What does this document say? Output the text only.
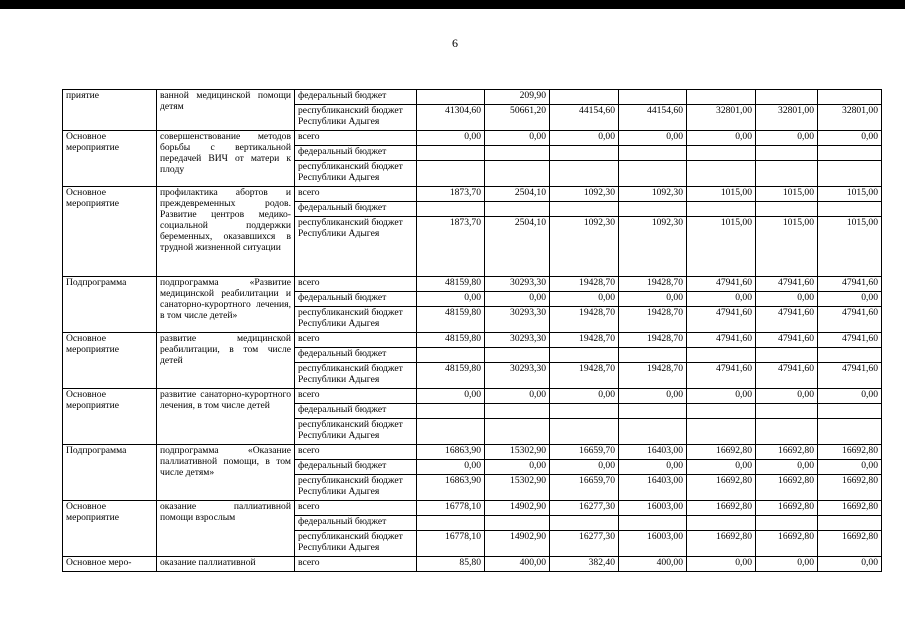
6
приятие	ванной медицинской помощи детям	федеральный бюджет		209,90					
		республиканский бюджет Республики Адыгея	41304,60	50661,20	44154,60	44154,60	32801,00	32801,00	32801,00
Основное мероприятие	совершенствование методов борьбы с вертикальной передачей ВИЧ от матери к плоду	всего	0,00	0,00	0,00	0,00	0,00	0,00	0,00
		федеральный бюджет							
		республиканский бюджет Республики Адыгея							
Основное мероприятие	профилактика абортов и преждевременных родов. Развитие центров медико-социальной поддержки беременных, оказавшихся в трудной жизненной ситуации	всего	1873,70	2504,10	1092,30	1092,30	1015,00	1015,00	1015,00
		федеральный бюджет							
		республиканский бюджет Республики Адыгея	1873,70	2504,10	1092,30	1092,30	1015,00	1015,00	1015,00
Подпрограмма	подпрограмма «Развитие медицинской реабилитации и санаторно-курортного лечения, в том числе детей»	всего	48159,80	30293,30	19428,70	19428,70	47941,60	47941,60	47941,60
		федеральный бюджет	0,00	0,00	0,00	0,00	0,00	0,00	0,00
		республиканский бюджет Республики Адыгея	48159,80	30293,30	19428,70	19428,70	47941,60	47941,60	47941,60
Основное мероприятие	развитие медицинской реабилитации, в том числе детей	всего	48159,80	30293,30	19428,70	19428,70	47941,60	47941,60	47941,60
		федеральный бюджет							
		республиканский бюджет Республики Адыгея	48159,80	30293,30	19428,70	19428,70	47941,60	47941,60	47941,60
Основное мероприятие	развитие санаторно-курортного лечения, в том числе детей	всего	0,00	0,00	0,00	0,00	0,00	0,00	0,00
		федеральный бюджет							
		республиканский бюджет Республики Адыгея							
Подпрограмма	подпрограмма «Оказание паллиативной помощи, в том числе детям»	всего	16863,90	15302,90	16659,70	16403,00	16692,80	16692,80	16692,80
		федеральный бюджет	0,00	0,00	0,00	0,00	0,00	0,00	0,00
		республиканский бюджет Республики Адыгея	16863,90	15302,90	16659,70	16403,00	16692,80	16692,80	16692,80
Основное мероприятие	оказание паллиативной помощи взрослым	всего	16778,10	14902,90	16277,30	16003,00	16692,80	16692,80	16692,80
		федеральный бюджет							
		республиканский бюджет Республики Адыгея	16778,10	14902,90	16277,30	16003,00	16692,80	16692,80	16692,80
Основное меро-	оказание паллиативной	всего	85,80	400,00	382,40	400,00	0,00	0,00	0,00
